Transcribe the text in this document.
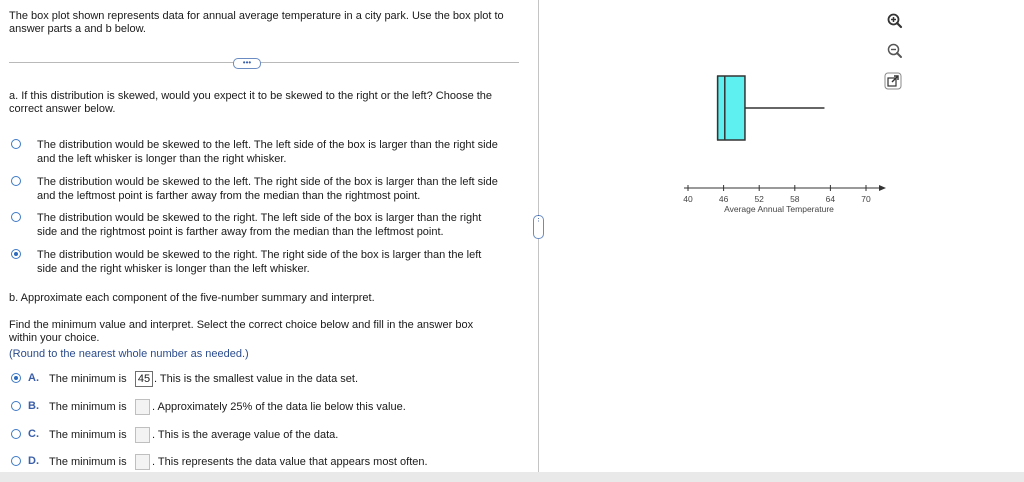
The box plot shown represents data for annual average temperature in a city park. Use the box plot to answer parts a and b below.
•••
a. If this distribution is skewed, would you expect it to be skewed to the right or the left? Choose the correct answer below.
The distribution would be skewed to the left. The left side of the box is larger than the right side and the left whisker is longer than the right whisker.
The distribution would be skewed to the left. The right side of the box is larger than the left side and the leftmost point is farther away from the median than the rightmost point.
The distribution would be skewed to the right. The left side of the box is larger than the right side and the rightmost point is farther away from the median than the leftmost point.
The distribution would be skewed to the right. The right side of the box is larger than the left side and the right whisker is longer than the left whisker.
b. Approximate each component of the five-number summary and interpret.
Find the minimum value and interpret. Select the correct choice below and fill in the answer box within your choice.
(Round to the nearest whole number as needed.)
A. The minimum is 45 . This is the smallest value in the data set.
B. The minimum is . Approximately 25% of the data lie below this value.
C. The minimum is . This is the average value of the data.
D. The minimum is . This represents the data value that appears most often.
⋮
40	46	52	58	64	70
Average Annual Temperature
